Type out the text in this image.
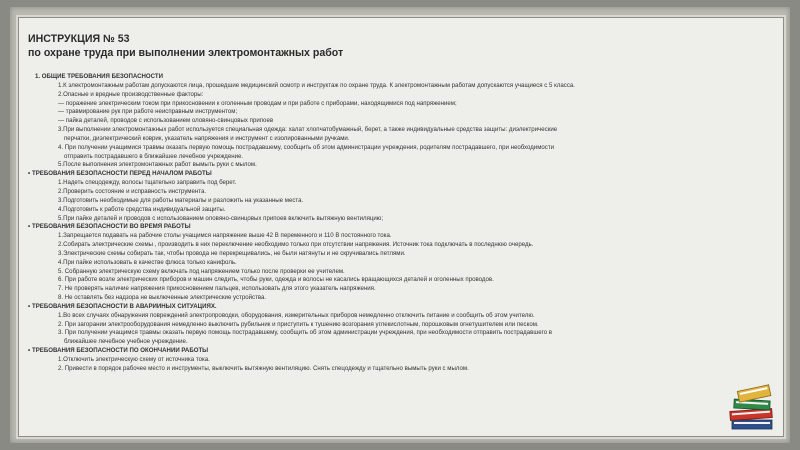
ИНСТРУКЦИЯ № 53
по охране труда при выполнении электромонтажных работ
1. ОБЩИЕ ТРЕБОВАНИЯ БЕЗОПАСНОСТИ
1.К электромонтажным работам допускаются лица, прошедшие медицинский осмотр и инструктаж по охране труда. К электромонтажным работам допускаются учащиеся с 5 класса.
2.Опасные и вредные производственные факторы:
— поражение электрическим током при прикосновении к оголенным проводам и при работе с приборами, находящимися под напряжением;
— травмирование рук при работе неисправным инструментом;
— пайка деталей, проводов с использованием оловяно-свинцовых припоев
3.При выполнении электромонтажных работ используется специальная одежда: халат хлопчатобумажный, берет, а также индивидуальные средства защиты: диэлектрические
перчатки, диэлектрический коврик, указатель напряжения и инструмент с изолированными ручками.
4. При получении учащимися травмы оказать первую помощь пострадавшему, сообщить об этом администрации учреждения, родителям пострадавшего, при необходимости
отправить пострадавшего в ближайшее лечебное учреждение.
5.После выполнения электромонтажных работ вымыть руки с мылом.
• ТРЕБОВАНИЯ БЕЗОПАСНОСТИ ПЕРЕД НАЧАЛОМ РАБОТЫ
1.Надеть спецодежду, волосы тщательно заправить под берет.
2.Проверить состояние и исправность инструмента.
3.Подготовить необходимые для работы материалы и разложить на указанные места.
4.Подготовить к работе средства индивидуальной защиты.
5.При пайке деталей и проводов с использованием оловяно-свинцовых припоев включить вытяжную вентиляцию;
• ТРЕБОВАНИЯ БЕЗОПАСНОСТИ ВО ВРЕМЯ РАБОТЫ
1.Запрещается подавать на рабочие столы учащимся напряжение выше 42 В переменного и 110 В постоянного тока.
2.Собирать электрические схемы , производить в них переключение необходимо только при отсутствии напряжения. Источник тока подключать в последнюю очередь.
3.Электрические схемы собирать так, чтобы провода не перекрещивались, не были натянуты и не скручивались петлями.
4.При пайке использовать в качестве флюса только канифоль.
5. Собранную электрическую схему включать под напряжением только после проверки ее учителем.
6. При работе возле электрических приборов и машин следить, чтобы руки, одежда и волосы не касались вращающихся деталей и оголенных проводов.
7. Не проверять наличие напряжения прикосновением пальцев, использовать для этого указатель напряжения.
8. Не оставлять без надзора не выключенные электрические устройства.
• ТРЕБОВАНИЯ БЕЗОПАСНОСТИ В АВАРИЙНЫХ СИТУАЦИЯХ.
1.Во всех случаях обнаружения повреждений электропроводки, оборудования, измерительных приборов немедленно отключить питание и сообщить об этом учителю.
2. При загорании электрооборудования немедленно выключить рубильник и приступить к тушению возгорания углекислотным, порошковым огнетушителем или песком.
3. При получении учащимся травмы оказать первую помощь пострадавшему, сообщить об этом администрации учреждения, при необходимости отправить пострадавшего в
ближайшее лечебное учебное учреждение.
• ТРЕБОВАНИЯ БЕЗОПАСНОСТИ ПО ОКОНЧАНИИ РАБОТЫ
1.Отключить электрическую схему от источника тока.
2. Привести в порядок рабочее место и инструменты, выключить вытяжную вентиляцию. Снять спецодежду и тщательно вымыть руки с мылом.
